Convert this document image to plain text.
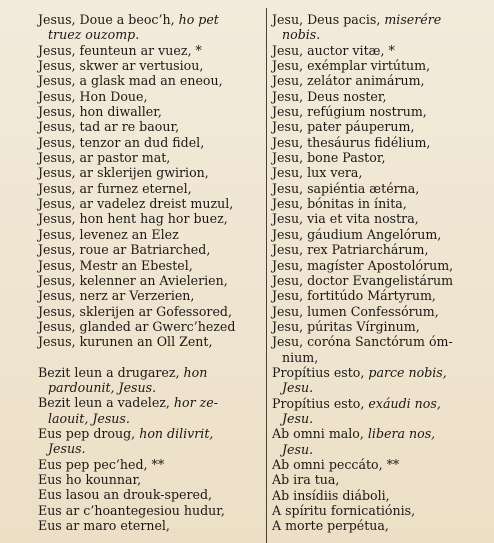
Jesus, Doue a beoc’h, ho pet
truez ouzomp.
Jesus, feunteun ar vuez, *
Jesus, skwer ar vertusiou,
Jesus, a glask mad an eneou,
Jesus, Hon Doue,
Jesus, hon diwaller,
Jesus, tad ar re baour,
Jesus, tenzor an dud fidel,
Jesus, ar pastor mat,
Jesus, ar sklerijen gwirion,
Jesus, ar furnez eternel,
Jesus, ar vadelez dreist muzul,
Jesus, hon hent hag hor buez,
Jesus, levenez an Elez
Jesus, roue ar Batriarched,
Jesus, Mestr an Ebestel,
Jesus, kelenner an Avielerien,
Jesus, nerz ar Verzerien,
Jesus, sklerijen ar Gofessored,
Jesus, glanded ar Gwerc’hezed
Jesus, kurunen an Oll Zent,
Bezit leun a drugarez, hon
pardounit, Jesus.
Bezit leun a vadelez, hor ze-
laouit, Jesus.
Eus pep droug, hon dilivrit,
Jesus.
Eus pep pec’hed, **
Eus ho kounnar,
Eus lasou an drouk-spered,
Eus ar c’hoantegesiou hudur,
Eus ar maro eternel,
Jesu, Deus pacis, miserére
nobis.
Jesu, auctor vitæ, *
Jesu, exémplar virtútum,
Jesu, zelátor animárum,
Jesu, Deus noster,
Jesu, refúgium nostrum,
Jesu, pater páuperum,
Jesu, thesáurus fidélium,
Jesu, bone Pastor,
Jesu, lux vera,
Jesu, sapiéntia ætérna,
Jesu, bónitas in ínita,
Jesu, via et vita nostra,
Jesu, gáudium Angelórum,
Jesu, rex Patriarchárum,
Jesu, magíster Apostolórum,
Jesu, doctor Evangelistárum
Jesu, fortitúdo Mártyrum,
Jesu, lumen Confessórum,
Jesu, púritas Vírginum,
Jesu, coróna Sanctórum óm-
nium,
Propítius esto, parce nobis,
Jesu.
Propítius esto, exáudi nos,
Jesu.
Ab omni malo, libera nos,
Jesu.
Ab omni peccáto, **
Ab ira tua,
Ab insídiis diáboli,
A spíritu fornicatiónis,
A morte perpétua,
